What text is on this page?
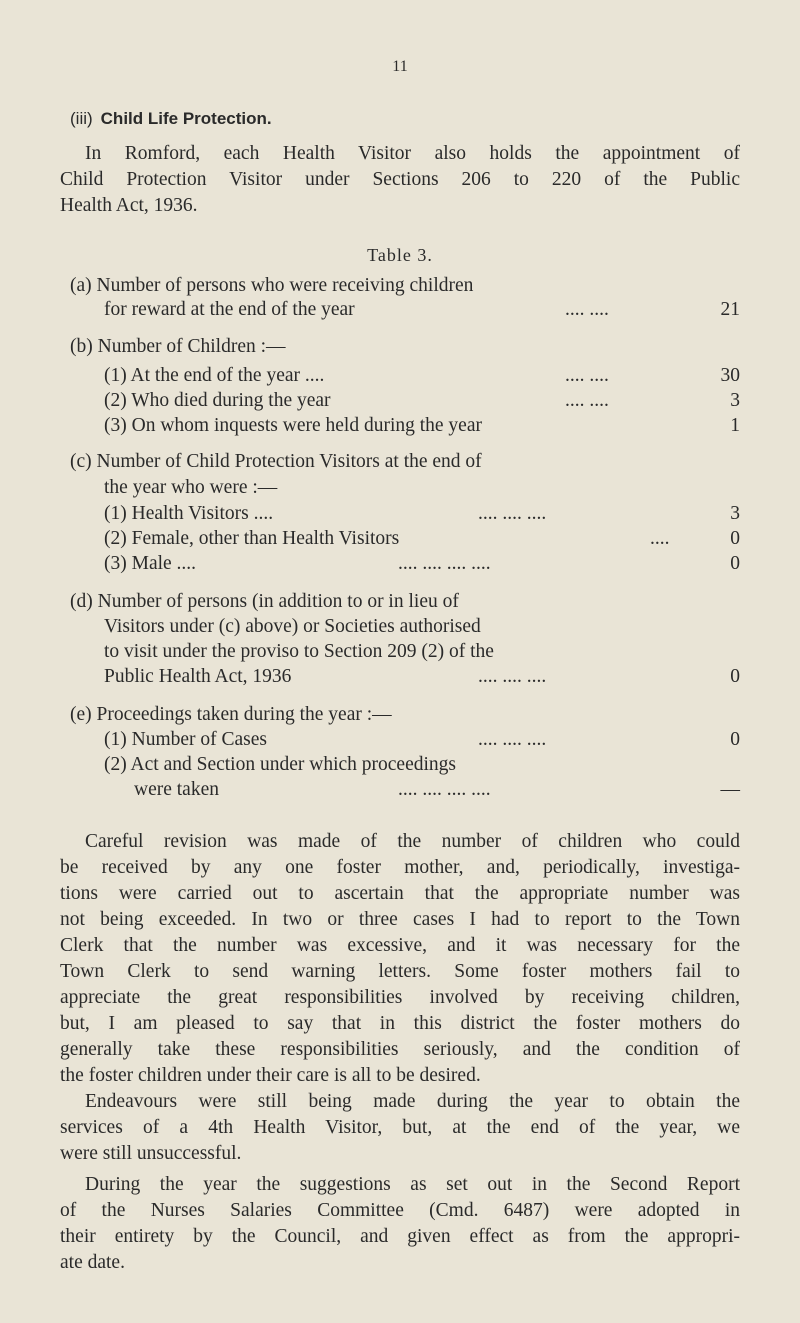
11
(iii) Child Life Protection.
In Romford, each Health Visitor also holds the appointment of
Child Protection Visitor under Sections 206 to 220 of the Public
Health Act, 1936.
Table 3.
(a) Number of persons who were receiving children
for reward at the end of the year	.... ....	21
(b) Number of Children :—
(1) At the end of the year ....	.... ....	30
(2) Who died during the year	.... ....	3
(3) On whom inquests were held during the year	1
(c) Number of Child Protection Visitors at the end of
the year who were :—
(1) Health Visitors ....	.... .... ....	3
(2) Female, other than Health Visitors	....	0
(3) Male ....	.... .... .... ....	0
(d) Number of persons (in addition to or in lieu of
Visitors under (c) above) or Societies authorised
to visit under the proviso to Section 209 (2) of the
Public Health Act, 1936	.... .... ....	0
(e) Proceedings taken during the year :—
(1) Number of Cases	.... .... ....	0
(2) Act and Section under which proceedings
were taken	.... .... .... ....	—
Careful revision was made of the number of children who could
be received by any one foster mother, and, periodically, investiga-
tions were carried out to ascertain that the appropriate number was
not being exceeded. In two or three cases I had to report to the Town
Clerk that the number was excessive, and it was necessary for the
Town Clerk to send warning letters. Some foster mothers fail to
appreciate the great responsibilities involved by receiving children,
but, I am pleased to say that in this district the foster mothers do
generally take these responsibilities seriously, and the condition of
the foster children under their care is all to be desired.
Endeavours were still being made during the year to obtain the
services of a 4th Health Visitor, but, at the end of the year, we
were still unsuccessful.
During the year the suggestions as set out in the Second Report
of the Nurses Salaries Committee (Cmd. 6487) were adopted in
their entirety by the Council, and given effect as from the appropri-
ate date.
